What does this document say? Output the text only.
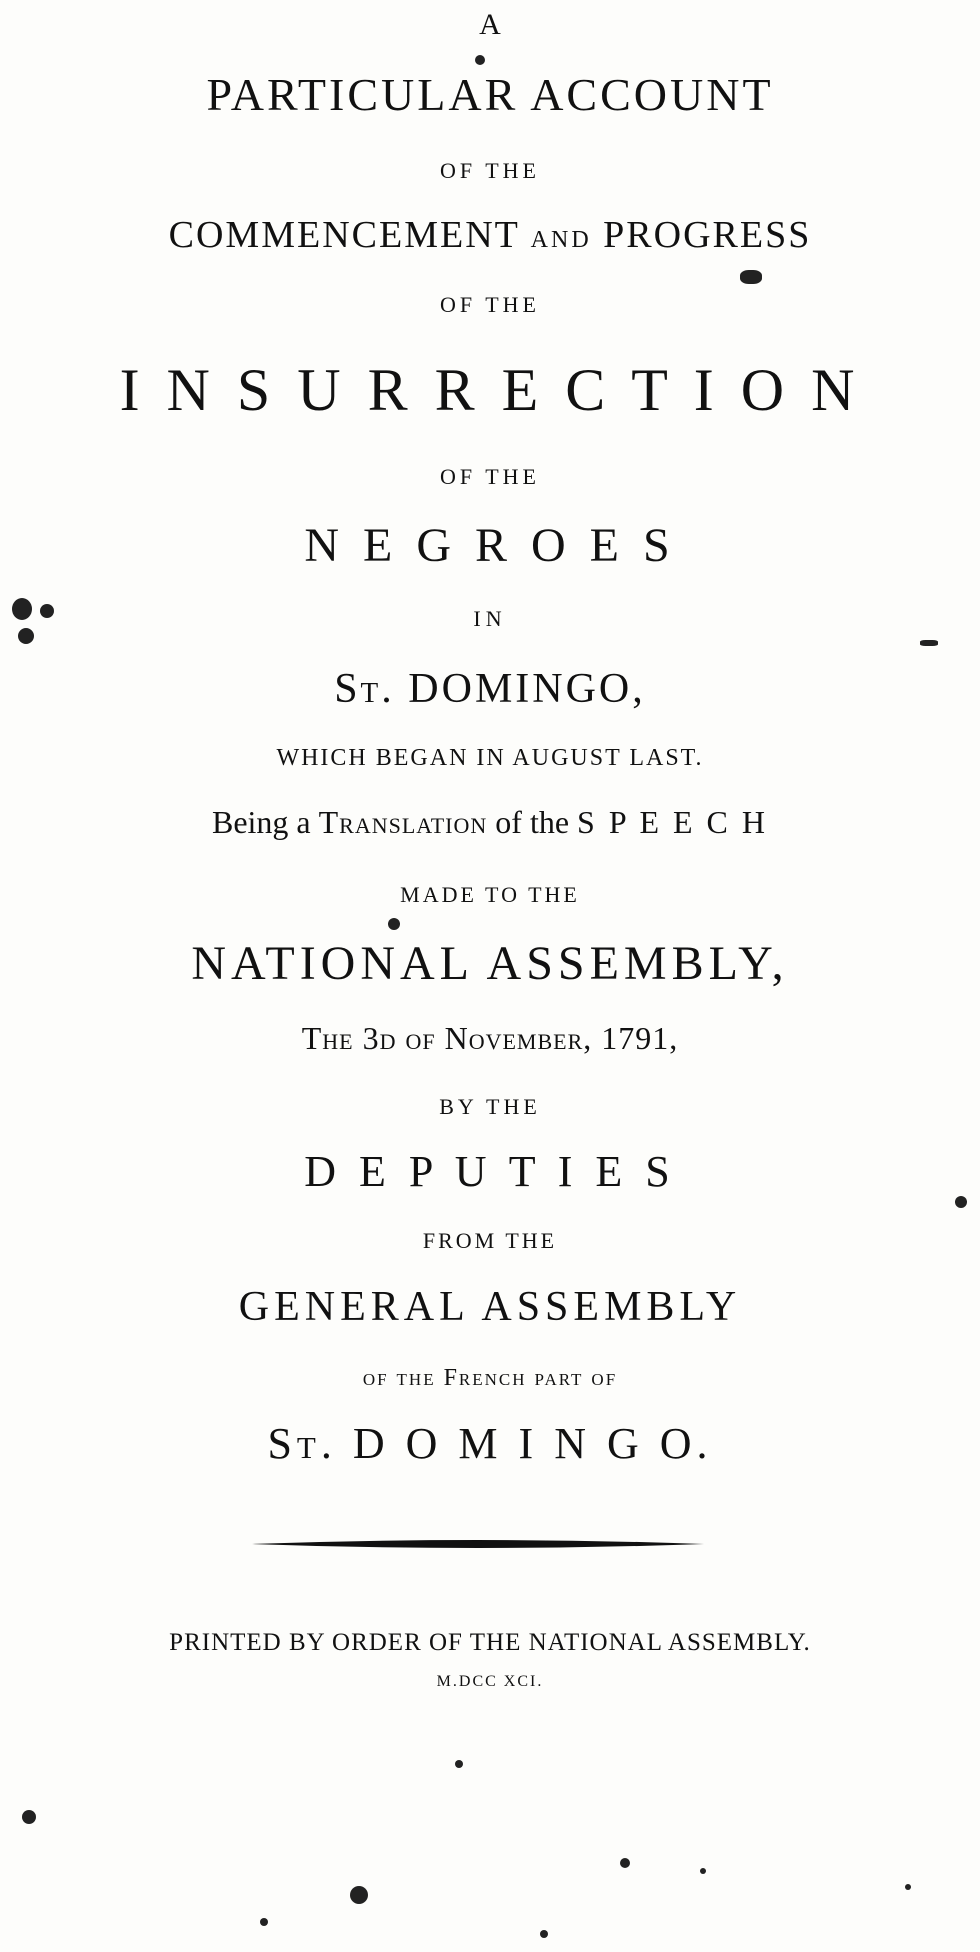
A
PARTICULAR ACCOUNT
OF THE
COMMENCEMENT AND PROGRESS
OF THE
I N S U R R E C T I O N
OF THE
N E G R O E S
IN
St. DOMINGO,
WHICH BEGAN IN AUGUST LAST.
Being a Translation of the S P E E C H
MADE TO THE
NATIONAL ASSEMBLY,
The 3d of November, 1791,
BY THE
D E P U T I E S
FROM THE
GENERAL ASSEMBLY
of the French part of
St. D O M I N G O.
PRINTED BY ORDER OF THE NATIONAL ASSEMBLY.
M.DCC XCI.
